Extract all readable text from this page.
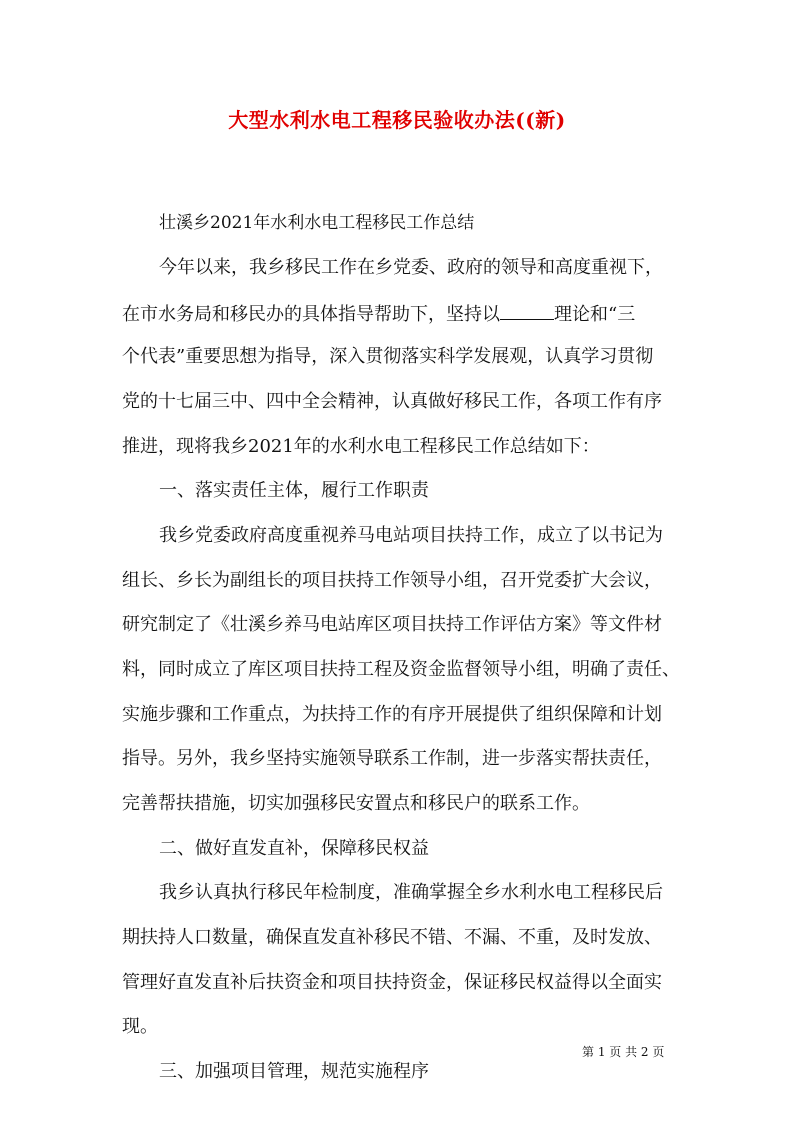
大型水利水电工程移民验收办法((新)
壮溪乡2021年水利水电工程移民工作总结
今年以来，我乡移民工作在乡党委、政府的领导和高度重视下，
在市水务局和移民办的具体指导帮助下，坚持以	理论和“三
个代表”重要思想为指导，深入贯彻落实科学发展观，认真学习贯彻
党的十七届三中、四中全会精神，认真做好移民工作，各项工作有序
推进，现将我乡2021年的水利水电工程移民工作总结如下：
一、落实责任主体，履行工作职责
我乡党委政府高度重视养马电站项目扶持工作，成立了以书记为
组长、乡长为副组长的项目扶持工作领导小组，召开党委扩大会议，
研究制定了《壮溪乡养马电站库区项目扶持工作评估方案》等文件材
料，同时成立了库区项目扶持工程及资金监督领导小组，明确了责任、
实施步骤和工作重点，为扶持工作的有序开展提供了组织保障和计划
指导。另外，我乡坚持实施领导联系工作制，进一步落实帮扶责任，
完善帮扶措施，切实加强移民安置点和移民户的联系工作。
二、做好直发直补，保障移民权益
我乡认真执行移民年检制度，准确掌握全乡水利水电工程移民后
期扶持人口数量，确保直发直补移民不错、不漏、不重，及时发放、
管理好直发直补后扶资金和项目扶持资金，保证移民权益得以全面实
现。
三、加强项目管理，规范实施程序
第 1 页 共 2 页
